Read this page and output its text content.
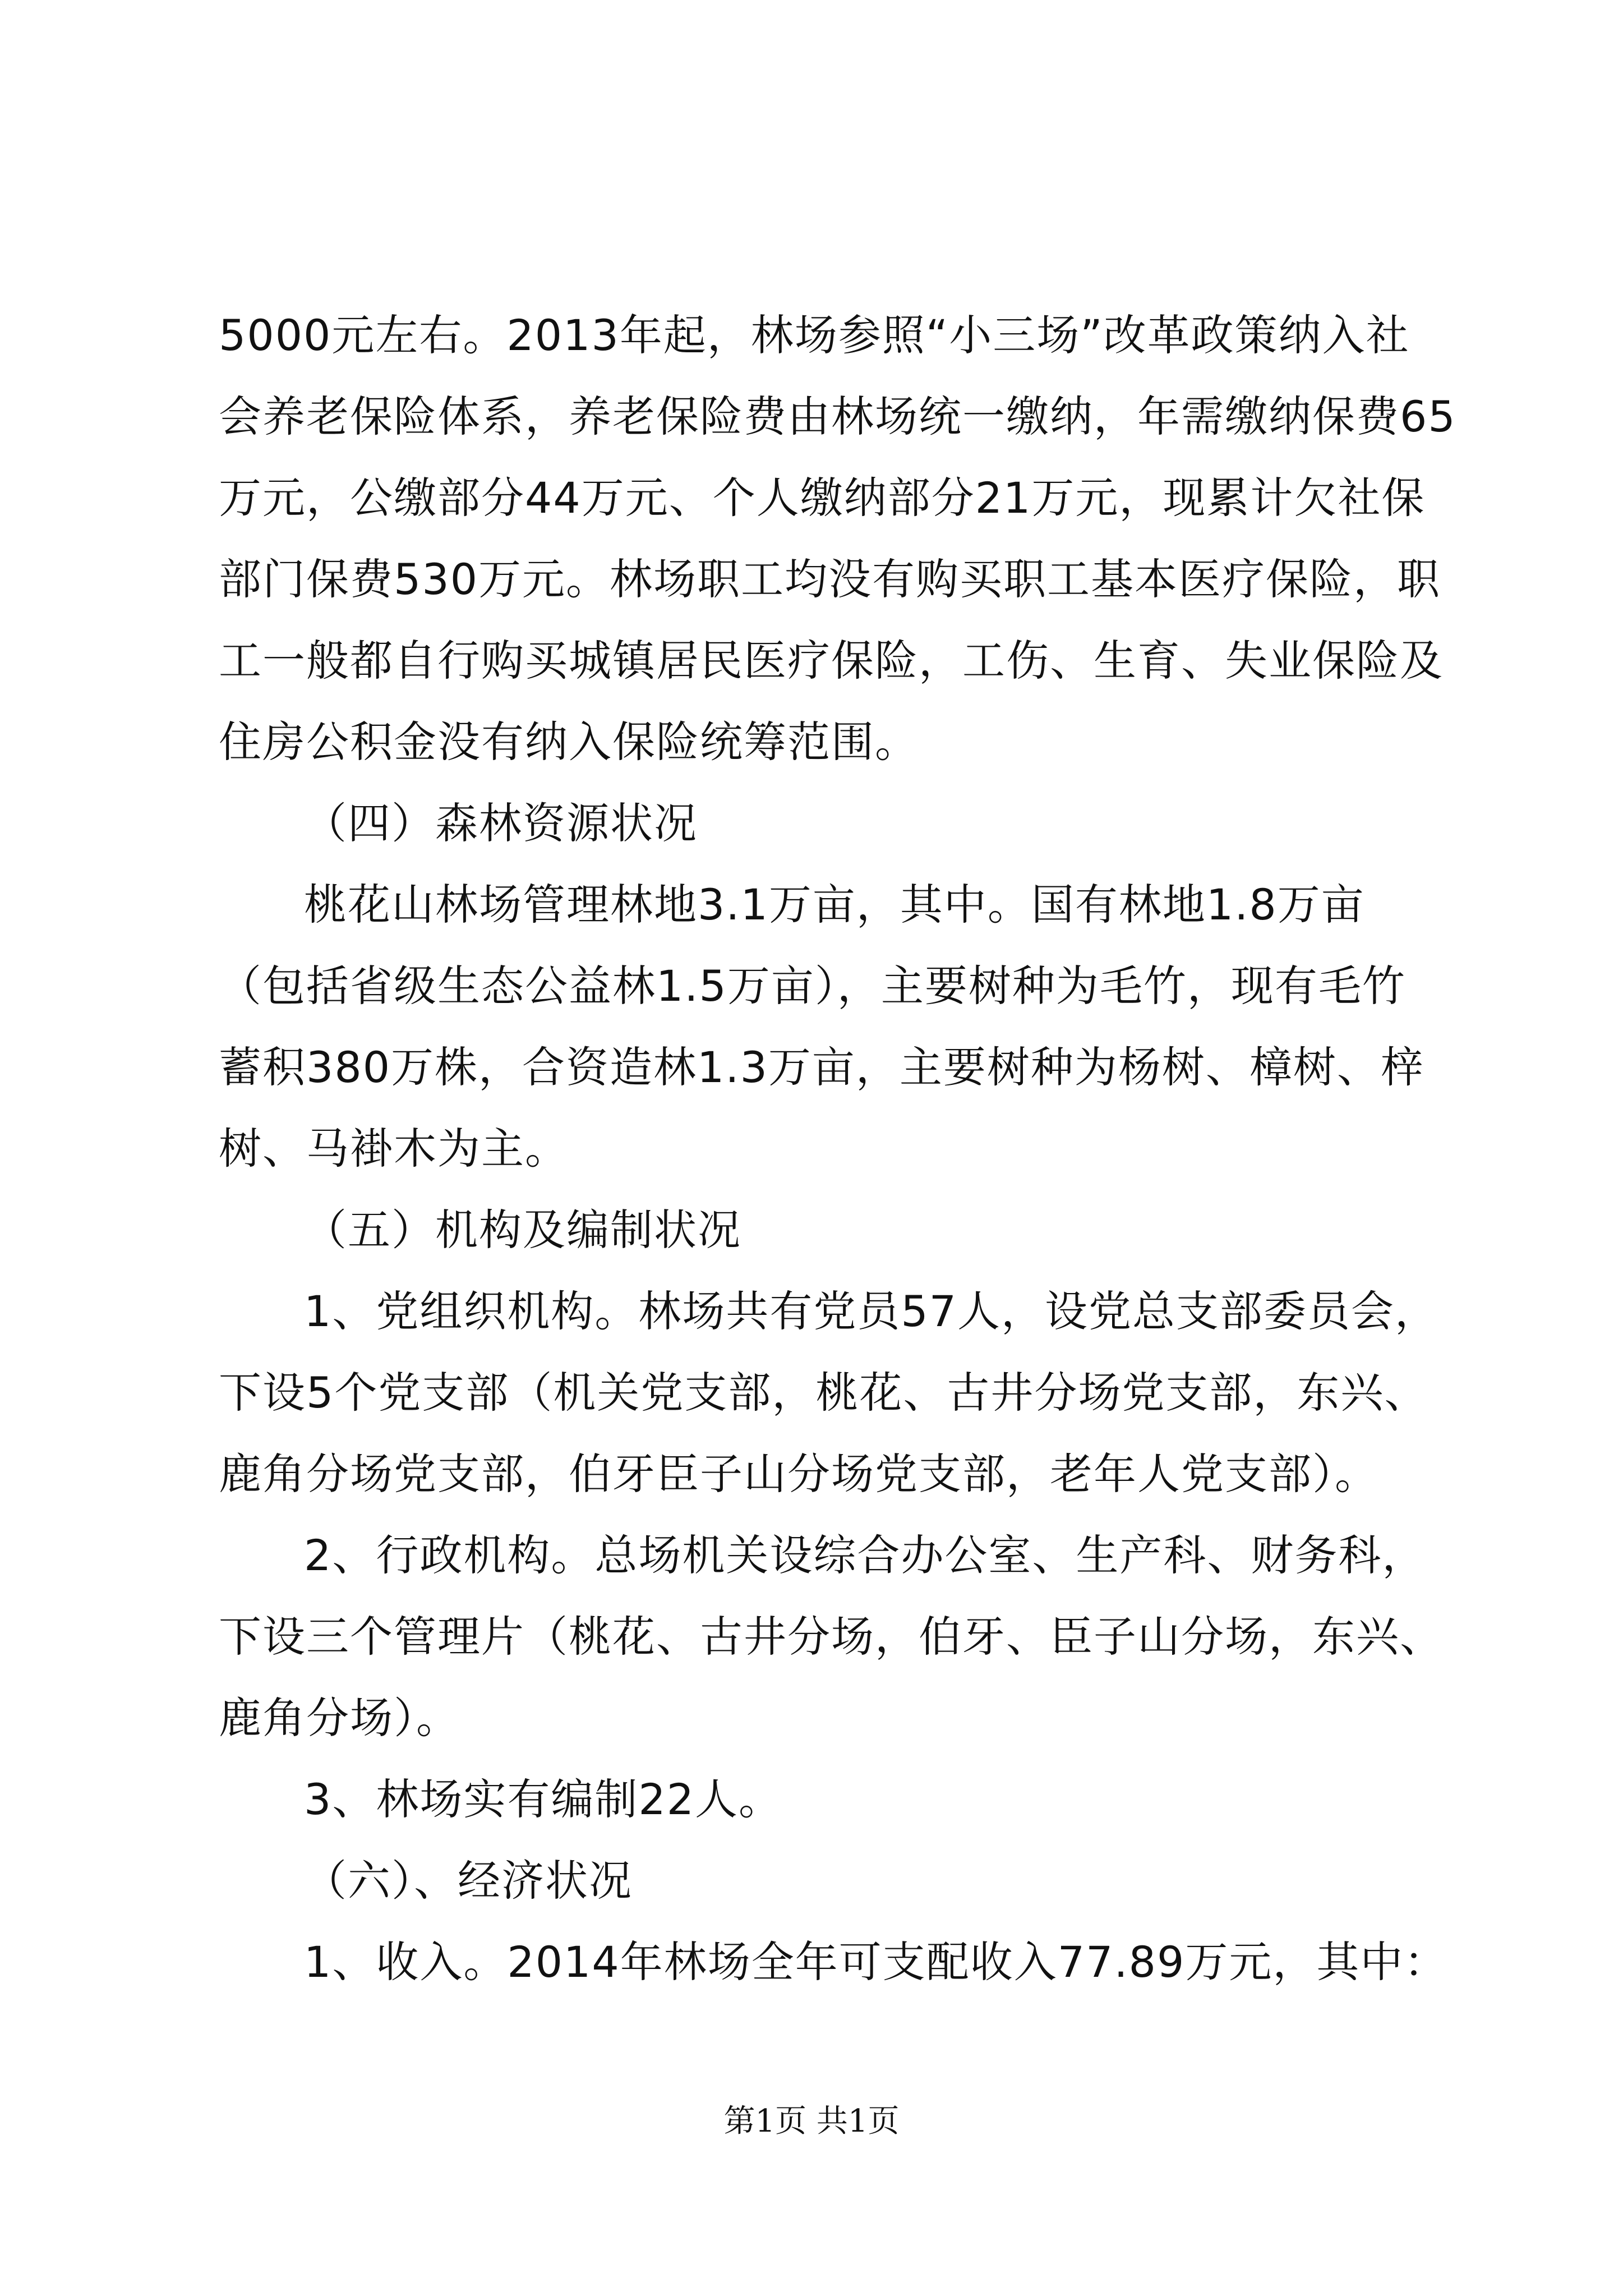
5000元左右。2013年起，林场参照“小三场”改革政策纳入社
会养老保险体系，养老保险费由林场统一缴纳，年需缴纳保费65
万元，公缴部分44万元、个人缴纳部分21万元，现累计欠社保
部门保费530万元。林场职工均没有购买职工基本医疗保险，职
工一般都自行购买城镇居民医疗保险，工伤、生育、失业保险及
住房公积金没有纳入保险统筹范围。
（四）森林资源状况
桃花山林场管理林地3.1万亩，其中。国有林地1.8万亩
（包括省级生态公益林1.5万亩），主要树种为毛竹，现有毛竹
蓄积380万株，合资造林1.3万亩，主要树种为杨树、樟树、梓
树、马褂木为主。
（五）机构及编制状况
1、党组织机构。林场共有党员57人，设党总支部委员会，
下设5个党支部（机关党支部，桃花、古井分场党支部，东兴、
鹿角分场党支部，伯牙臣子山分场党支部，老年人党支部）。
2、行政机构。总场机关设综合办公室、生产科、财务科，
下设三个管理片（桃花、古井分场，伯牙、臣子山分场，东兴、
鹿角分场）。
3、林场实有编制22人。
（六）、经济状况
1、收入。2014年林场全年可支配收入77.89万元，其中：
第1页 共1页
